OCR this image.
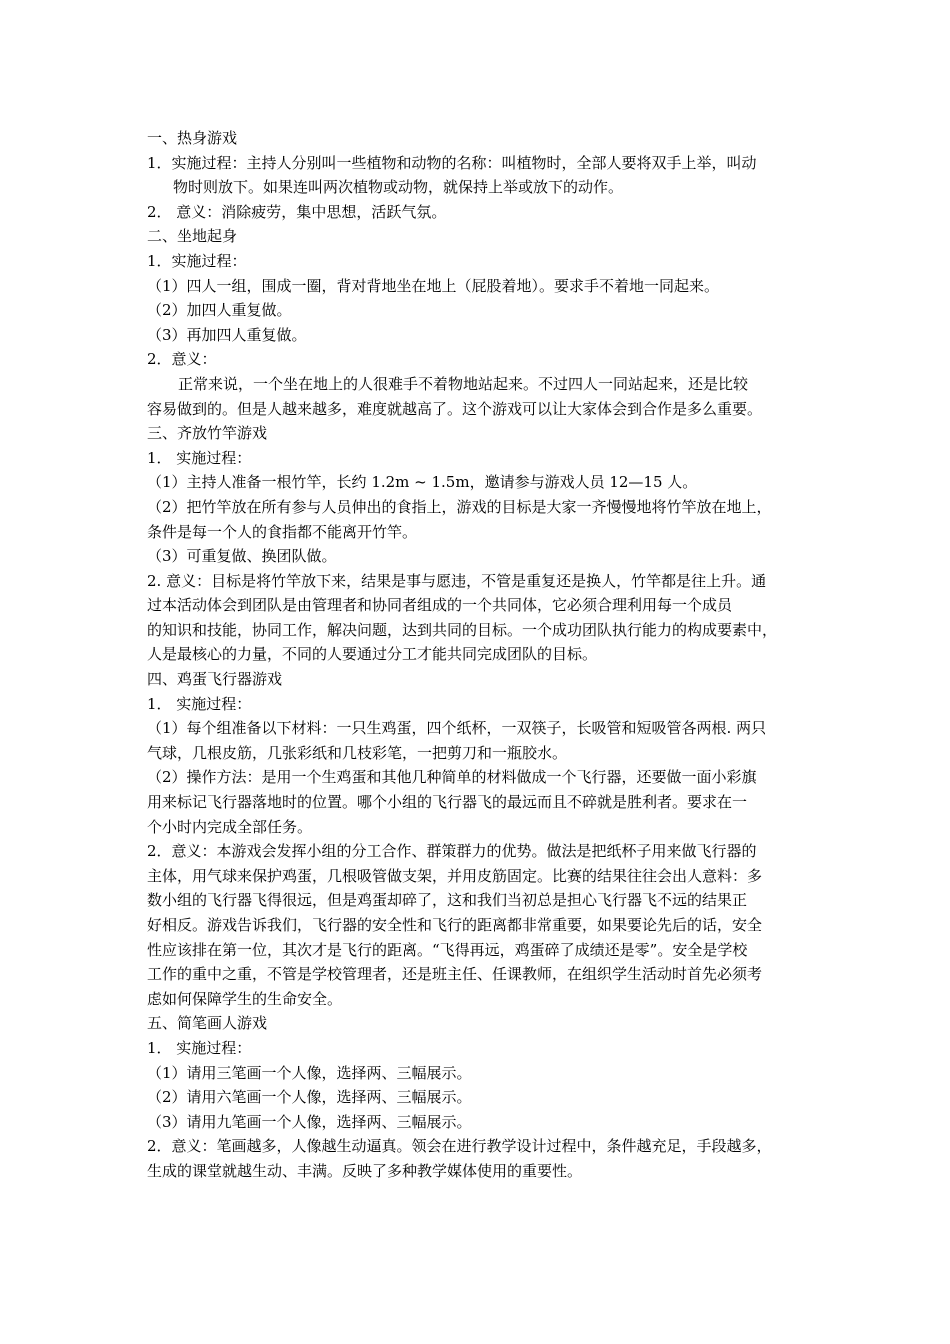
一、热身游戏
1．实施过程：主持人分别叫一些植物和动物的名称：叫植物时，全部人要将双手上举，叫动
物时则放下。如果连叫两次植物或动物，就保持上举或放下的动作。
2． 意义：消除疲劳，集中思想，活跃气氛。
二、坐地起身
1．实施过程：
（1）四人一组，围成一圈，背对背地坐在地上（屁股着地）。要求手不着地一同起来。
（2）加四人重复做。
（3）再加四人重复做。
2．意义：
正常来说，一个坐在地上的人很难手不着物地站起来。不过四人一同站起来，还是比较
容易做到的。但是人越来越多，难度就越高了。这个游戏可以让大家体会到合作是多么重要。
三、齐放竹竿游戏
1． 实施过程：
（1）主持人准备一根竹竿，长约 1.2m ~ 1.5m，邀请参与游戏人员 12—15 人。
（2）把竹竿放在所有参与人员伸出的食指上，游戏的目标是大家一齐慢慢地将竹竿放在地上，
条件是每一个人的食指都不能离开竹竿。
（3）可重复做、换团队做。
2. 意义：目标是将竹竿放下来，结果是事与愿违，不管是重复还是换人，竹竿都是往上升。通
过本活动体会到团队是由管理者和协同者组成的一个共同体，它必须合理利用每一个成员
的知识和技能，协同工作，解决问题，达到共同的目标。一个成功团队执行能力的构成要素中，
人是最核心的力量，不同的人要通过分工才能共同完成团队的目标。
四、鸡蛋飞行器游戏
1． 实施过程：
（1）每个组准备以下材料：一只生鸡蛋，四个纸杯，一双筷子，长吸管和短吸管各两根. 两只
气球，几根皮筋，几张彩纸和几枝彩笔，一把剪刀和一瓶胶水。
（2）操作方法：是用一个生鸡蛋和其他几种简单的材料做成一个飞行器，还要做一面小彩旗
用来标记飞行器落地时的位置。哪个小组的飞行器飞的最远而且不碎就是胜利者。要求在一
个小时内完成全部任务。
2．意义：本游戏会发挥小组的分工合作、群策群力的优势。做法是把纸杯子用来做飞行器的
主体，用气球来保护鸡蛋，几根吸管做支架，并用皮筋固定。比赛的结果往往会出人意料：多
数小组的飞行器飞得很远，但是鸡蛋却碎了，这和我们当初总是担心飞行器飞不远的结果正
好相反。游戏告诉我们，飞行器的安全性和飞行的距离都非常重要，如果要论先后的话，安全
性应该排在第一位，其次才是飞行的距离。“飞得再远，鸡蛋碎了成绩还是零”。安全是学校
工作的重中之重，不管是学校管理者，还是班主任、任课教师，在组织学生活动时首先必须考
虑如何保障学生的生命安全。
五、简笔画人游戏
1． 实施过程：
（1）请用三笔画一个人像，选择两、三幅展示。
（2）请用六笔画一个人像，选择两、三幅展示。
（3）请用九笔画一个人像，选择两、三幅展示。
2．意义：笔画越多，人像越生动逼真。领会在进行教学设计过程中，条件越充足，手段越多，
生成的课堂就越生动、丰满。反映了多种教学媒体使用的重要性。
